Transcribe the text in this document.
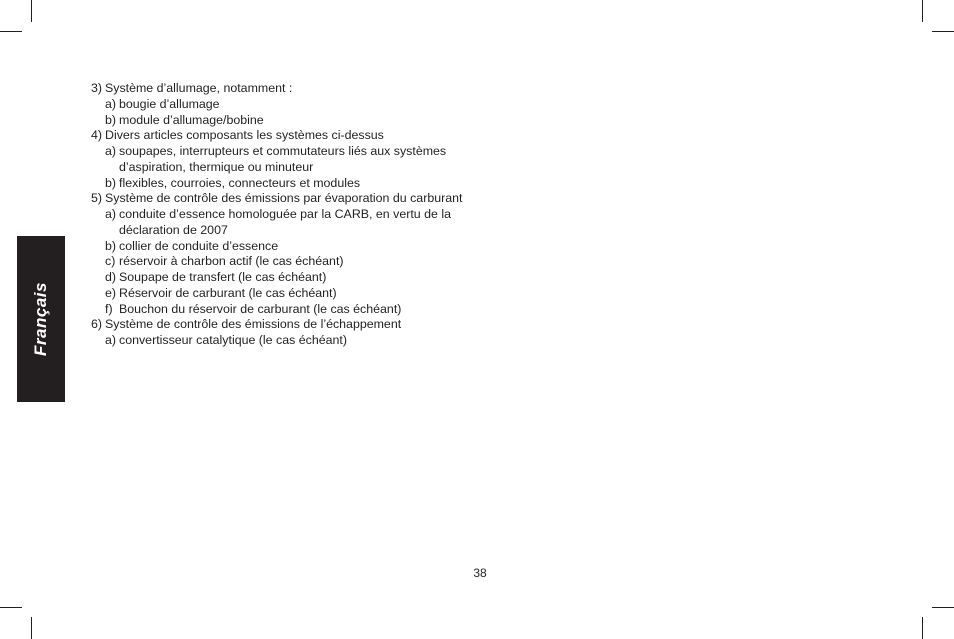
Français
3) Système d’allumage, notamment :
a) bougie d’allumage
b) module d’allumage/bobine
4) Divers articles composants les systèmes ci-dessus
a) soupapes, interrupteurs et commutateurs liés aux systèmes d’aspiration, thermique ou minuteur
b) flexibles, courroies, connecteurs et modules
5) Système de contrôle des émissions par évaporation du carburant
a) conduite d’essence homologuée par la CARB, en vertu de la déclaration de 2007
b) collier de conduite d’essence
c) réservoir à charbon actif (le cas échéant)
d) Soupape de transfert (le cas échéant)
e) Réservoir de carburant (le cas échéant)
f) Bouchon du réservoir de carburant (le cas échéant)
6) Système de contrôle des émissions de l’échappement
a) convertisseur catalytique (le cas échéant)
38
